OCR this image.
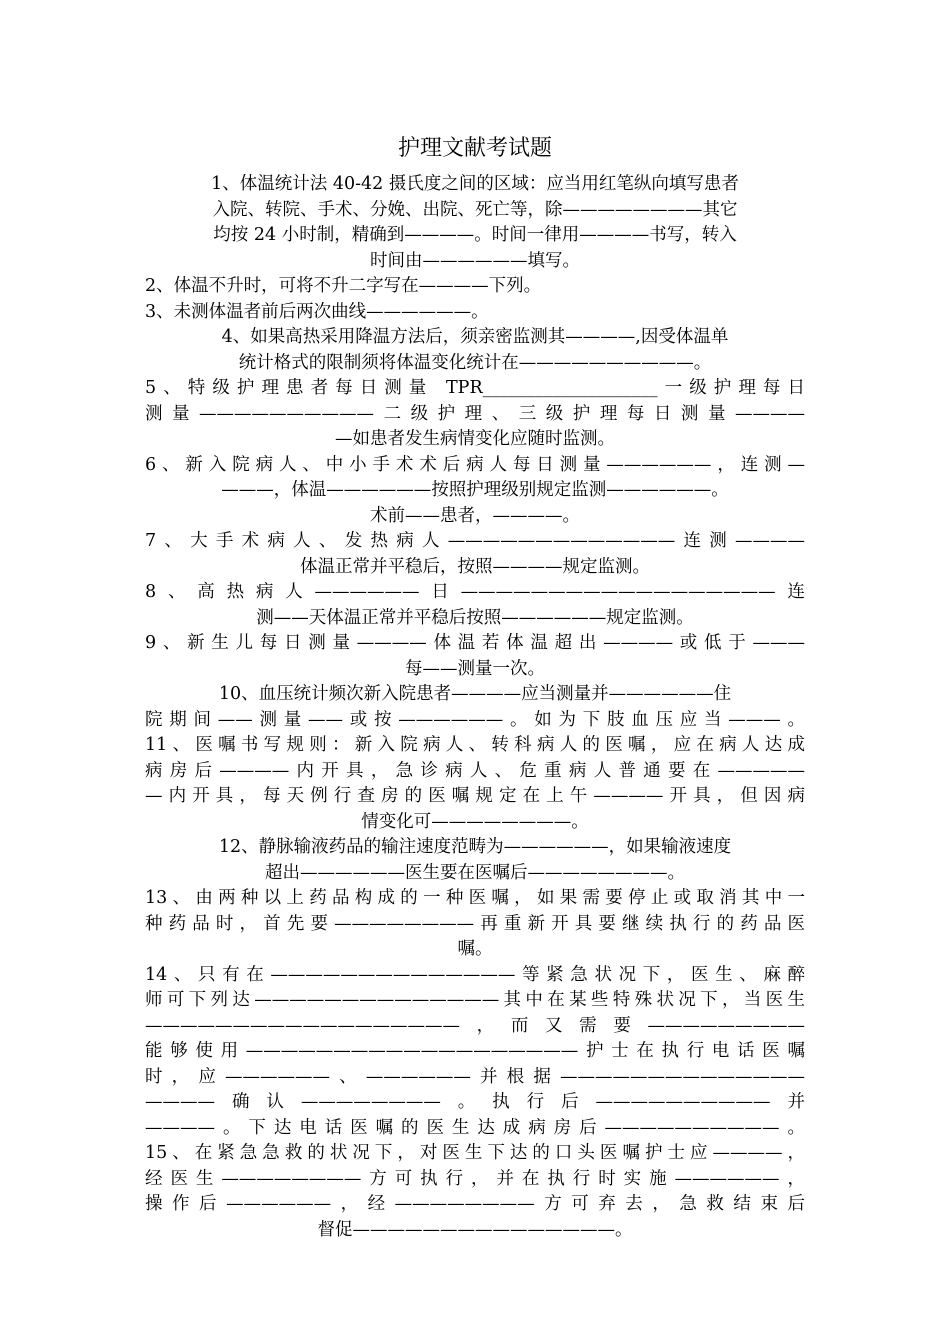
护理文献考试题
1、体温统计法 40-42 摄氏度之间的区域：应当用红笔纵向填写患者
入院、转院、手术、分娩、出院、死亡等，除————————其它
均按 24 小时制，精确到————。时间一律用————书写，转入
时间由——————填写。
2、体温不升时，可将不升二字写在————下列。
3、未测体温者前后两次曲线——————。
4、如果高热采用降温方法后，须亲密监测其————,因受体温单
统计格式的限制须将体温变化统计在——————————。
5、特级护理患者每日测量 TPR____________________一级护理每日
测量——————————二级护理、三级护理每日测量————
—如患者发生病情变化应随时监测。
6、新入院病人、中小手术术后病人每日测量——————，连测—
———，体温——————按照护理级别规定监测——————。
术前——患者，————。
7、大手术病人、发热病人—————————————连测————
体温正常并平稳后，按照————规定监测。
8、高热病人——————日——————————————————连
测——天体温正常并平稳后按照——————规定监测。
9、新生儿每日测量————体温若体温超出————或低于———
每——测量一次。
10、血压统计频次新入院患者————应当测量并——————住
院期间——测量——或按——————。如为下肢血压应当———。
11、医嘱书写规则：新入院病人、转科病人的医嘱，应在病人达成
病房后————内开具，急诊病人、危重病人普通要在—————
—内开具，每天例行查房的医嘱规定在上午————开具，但因病
情变化可————————。
12、静脉输液药品的输注速度范畴为——————，如果输液速度
超出——————医生要在医嘱后————————。
13、由两种以上药品构成的一种医嘱，如果需要停止或取消其中一
种药品时，首先要————————再重新开具要继续执行的药品医
嘱。
14、只有在——————————————等紧急状况下，医生、麻醉
师可下列达——————————————其中在某些特殊状况下，当医生
——————————————————，而又需要—————————
能够使用———————————————————护士在执行电话医嘱
时，应——————、——————并根据——————————————
————确认————————。执行后——————————并
————。下达电话医嘱的医生达成病房后——————————。
15、在紧急急救的状况下，对医生下达的口头医嘱护士应————，
经医生————————方可执行，并在执行时实施——————，
操作后——————，经————————方可弃去，急救结束后
督促———————————————。
